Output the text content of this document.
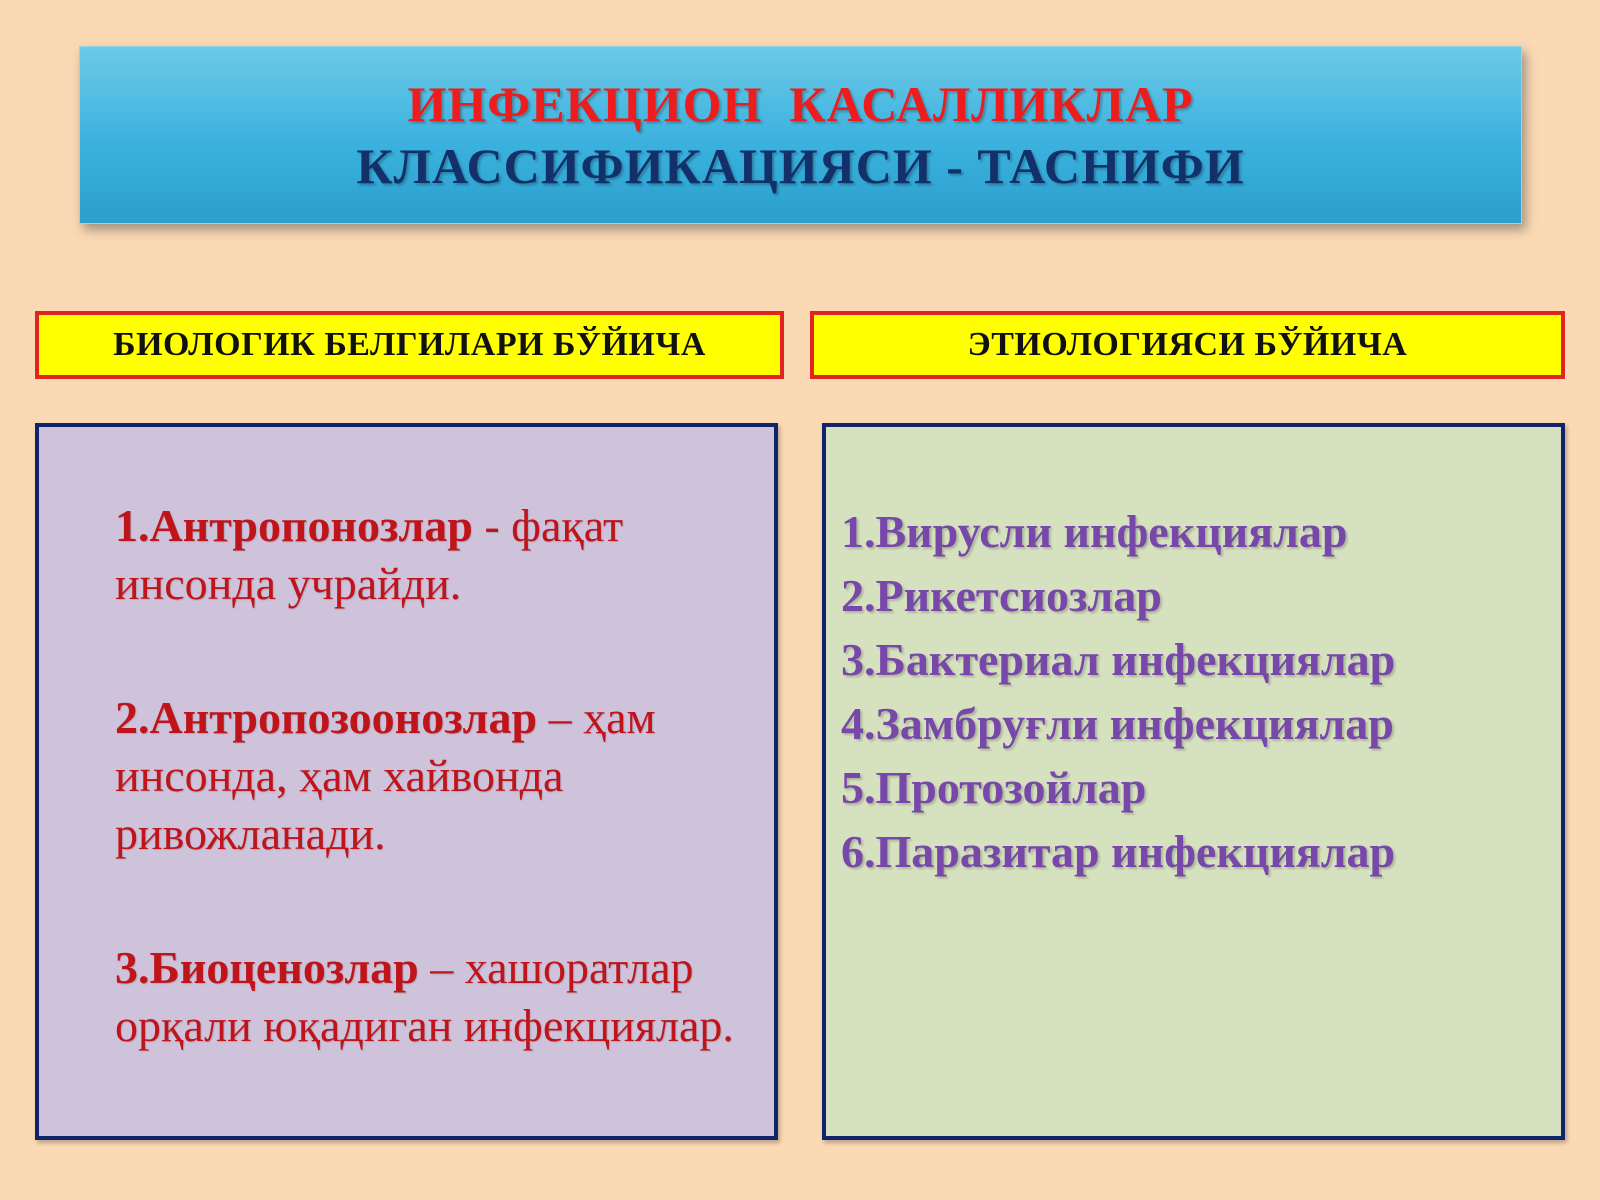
ИНФЕКЦИОН  КАСАЛЛИКЛАР
КЛАССИФИКАЦИЯСИ - ТАСНИФИ
БИОЛОГИК БЕЛГИЛАРИ БЎЙИЧА	ЭТИОЛОГИЯСИ БЎЙИЧА
1.Антропонозлар - фақат инсонда учрайди.
2.Антропозоонозлар – ҳам инсонда, ҳам хайвонда ривожланади.
3.Биоценозлар – хашоратлар орқали юқадиган инфекциялар.
1.Вирусли инфекциялар
2.Рикетсиозлар
3.Бактериал инфекциялар
4.Замбруғли инфекциялар
5.Протозойлар
6.Паразитар инфекциялар
